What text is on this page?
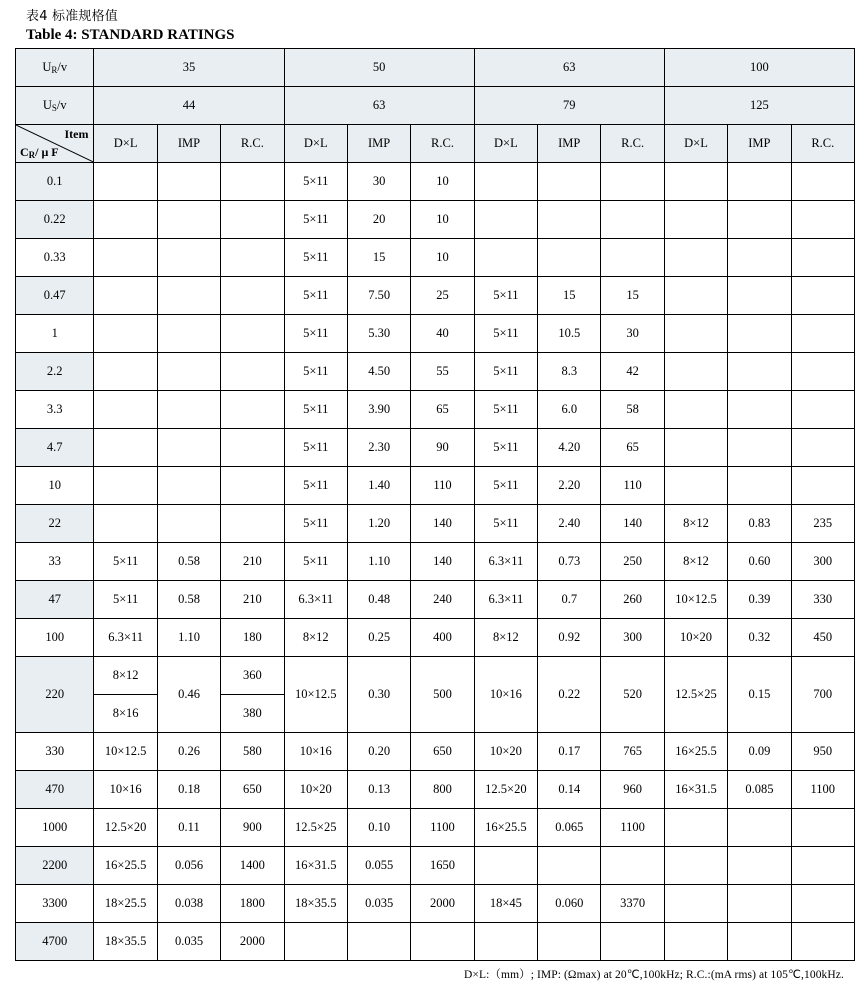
表4 标准规格值
Table 4: STANDARD RATINGS
$U_R/v$	35			50			63			100		
$U_S/v$	44			63			79			125		

Item
$C_R/$ μ F	D×L	IMP	R.C.	D×L	IMP	R.C.	D×L	IMP	R.C.	D×L	IMP	R.C.
0.1				5×11	30	10						
0.22				5×11	20	10						
0.33				5×11	15	10						
0.47				5×11	7.50	25	5×11	15	15			
1				5×11	5.30	40	5×11	10.5	30			
2.2				5×11	4.50	55	5×11	8.3	42			
3.3				5×11	3.90	65	5×11	6.0	58			
4.7				5×11	2.30	90	5×11	4.20	65			
10				5×11	1.40	110	5×11	2.20	110			
22				5×11	1.20	140	5×11	2.40	140	8×12	0.83	235
33	5×11	0.58	210	5×11	1.10	140	6.3×11	0.73	250	8×12	0.60	300
47	5×11	0.58	210	6.3×11	0.48	240	6.3×11	0.7	260	10×12.5	0.39	330
100	6.3×11	1.10	180	8×12	0.25	400	8×12	0.92	300	10×20	0.32	450
220	8×12	0.46	360	10×12.5	0.30	500	10×16	0.22	520	12.5×25	0.15	700
	8×16		380									
330	10×12.5	0.26	580	10×16	0.20	650	10×20	0.17	765	16×25.5	0.09	950
470	10×16	0.18	650	10×20	0.13	800	12.5×20	0.14	960	16×31.5	0.085	1100
1000	12.5×20	0.11	900	12.5×25	0.10	1100	16×25.5	0.065	1100			
2200	16×25.5	0.056	1400	16×31.5	0.055	1650						
3300	18×25.5	0.038	1800	18×35.5	0.035	2000	18×45	0.060	3370			
4700	18×35.5	0.035	2000									
D×L:（mm）; IMP: (Ωmax) at 20℃,100kHz; R.C.:(mA rms) at 105℃,100kHz.
